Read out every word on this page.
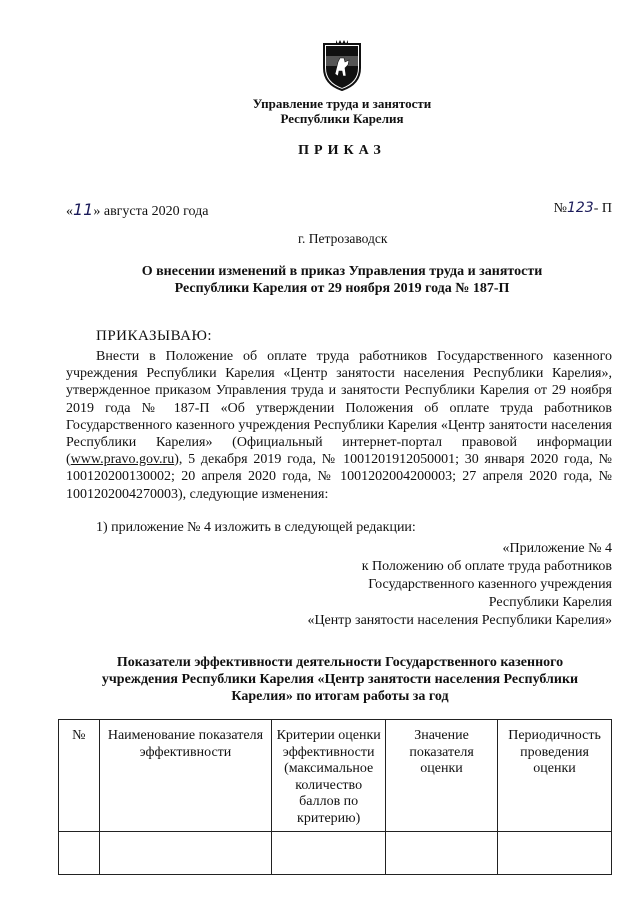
Управление труда и занятости
Республики Карелия
ПРИКАЗ
«11» августа 2020 года	№123- П
г. Петрозаводск
О внесении изменений в приказ Управления труда и занятости
Республики Карелия от 29 ноября 2019 года № 187-П
ПРИКАЗЫВАЮ:

Внести в Положение об оплате труда работников Государственного казенного учреждения Республики Карелия «Центр занятости населения Республики Карелия», утвержденное приказом Управления труда и занятости Республики Карелия от 29 ноября 2019 года № 187-П «Об утверждении Положения об оплате труда работников Государственного казенного учреждения Республики Карелия «Центр занятости населения Республики Карелия» (Официальный интернет-портал правовой информации (www.pravo.gov.ru), 5 декабря 2019 года, № 1001201912050001; 30 января 2020 года, № 100120200130002; 20 апреля 2020 года, № 1001202004200003; 27 апреля 2020 года, № 1001202004270003), следующие изменения:

1) приложение № 4 изложить в следующей редакции:
«Приложение № 4
к Положению об оплате труда работников
Государственного казенного учреждения
Республики Карелия
«Центр занятости населения Республики Карелия»
Показатели эффективности деятельности Государственного казенного
учреждения Республики Карелия «Центр занятости населения Республики
Карелия» по итогам работы за год
№	Наименование показателя эффективности	Критерии оценки эффективности (максимальное количество баллов по критерию)	Значение показателя оценки	Периодичность проведения оценки
